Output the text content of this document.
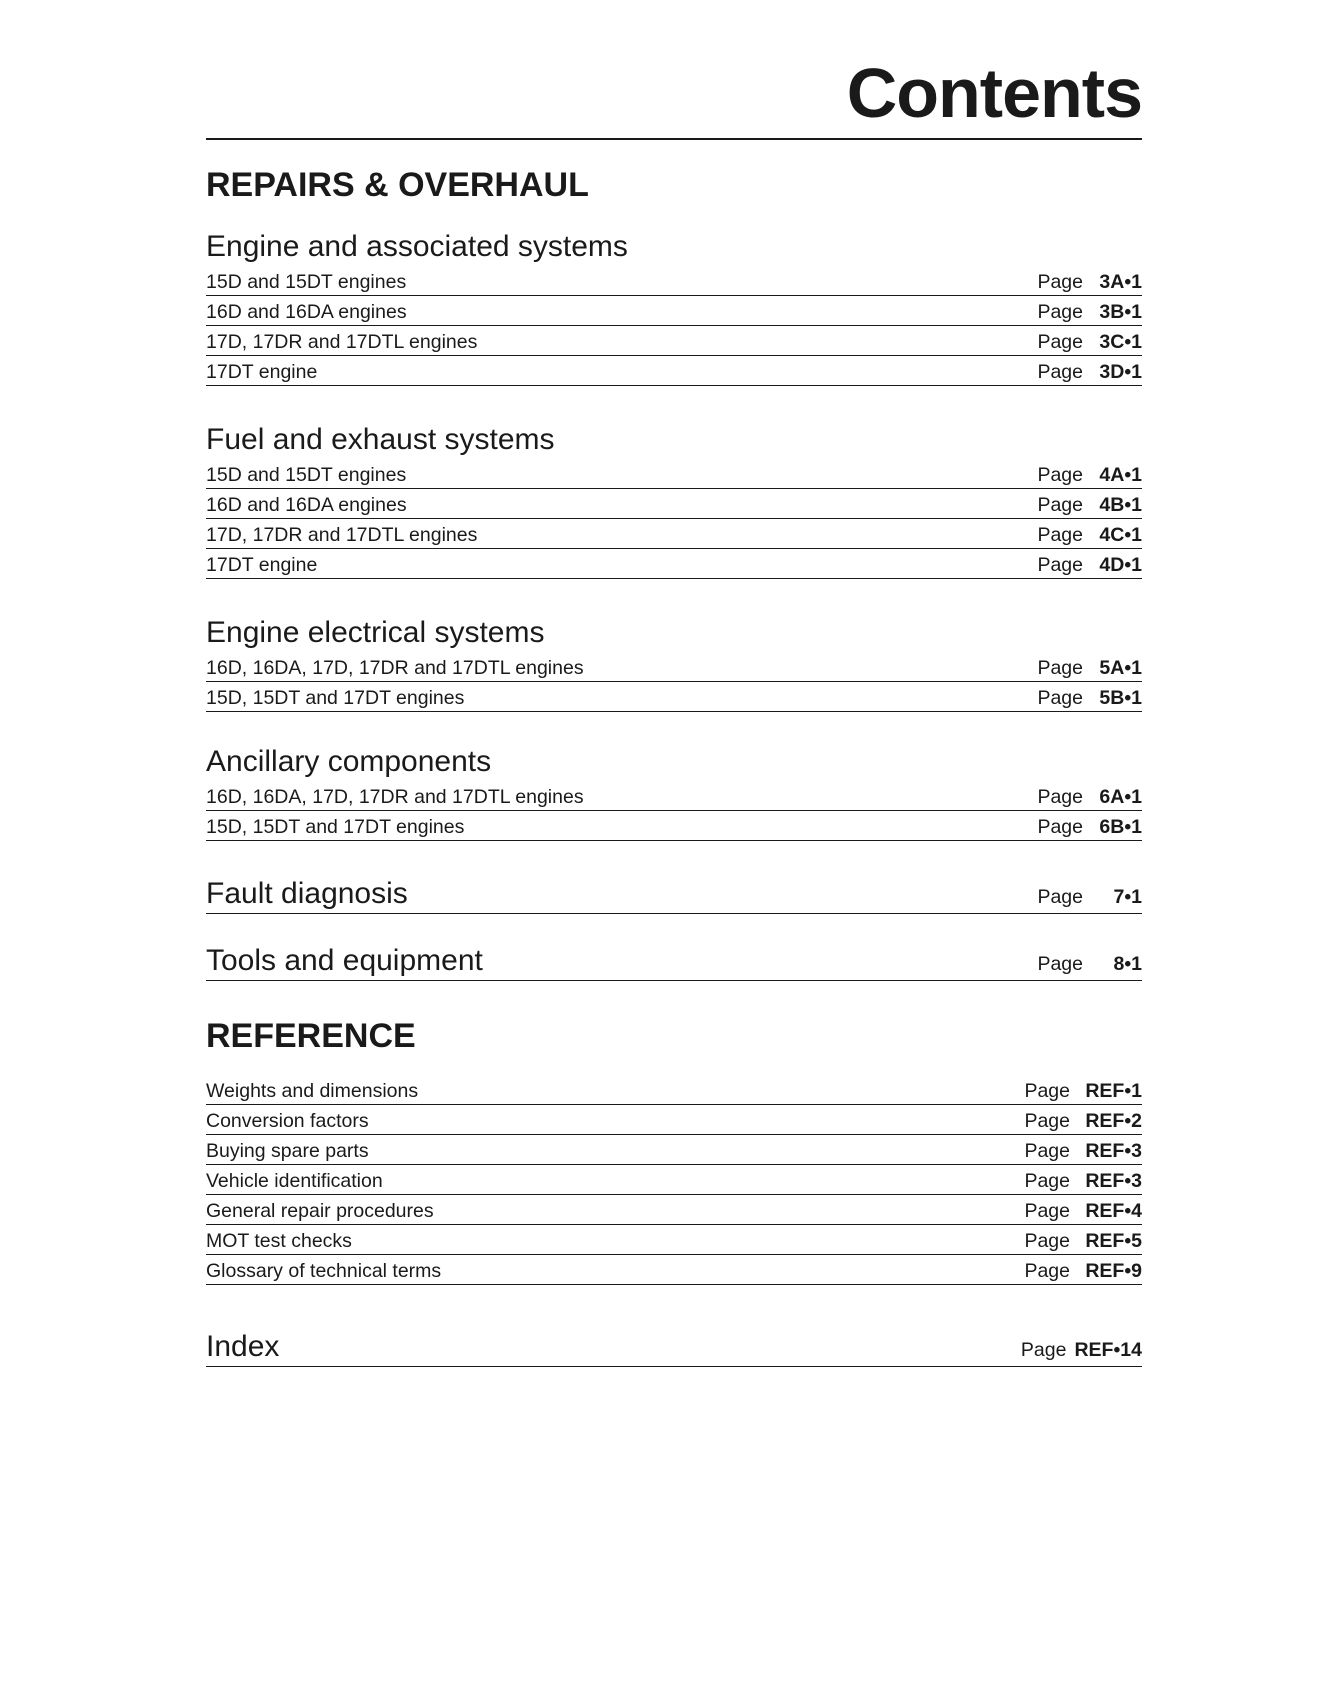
Contents
REPAIRS & OVERHAUL
Engine and associated systems
15D and 15DT engines	Page 3A•1
16D and 16DA engines	Page 3B•1
17D, 17DR and 17DTL engines	Page 3C•1
17DT engine	Page 3D•1
Fuel and exhaust systems
15D and 15DT engines	Page 4A•1
16D and 16DA engines	Page 4B•1
17D, 17DR and 17DTL engines	Page 4C•1
17DT engine	Page 4D•1
Engine electrical systems
16D, 16DA, 17D, 17DR and 17DTL engines	Page 5A•1
15D, 15DT and 17DT engines	Page 5B•1
Ancillary components
16D, 16DA, 17D, 17DR and 17DTL engines	Page 6A•1
15D, 15DT and 17DT engines	Page 6B•1
Fault diagnosis	Page	7•1
Tools and equipment	Page	8•1
REFERENCE
Weights and dimensions	Page REF•1
Conversion factors	Page REF•2
Buying spare parts	Page REF•3
Vehicle identification	Page REF•3
General repair procedures	Page REF•4
MOT test checks	Page REF•5
Glossary of technical terms	Page REF•9
Index	Page REF•14
